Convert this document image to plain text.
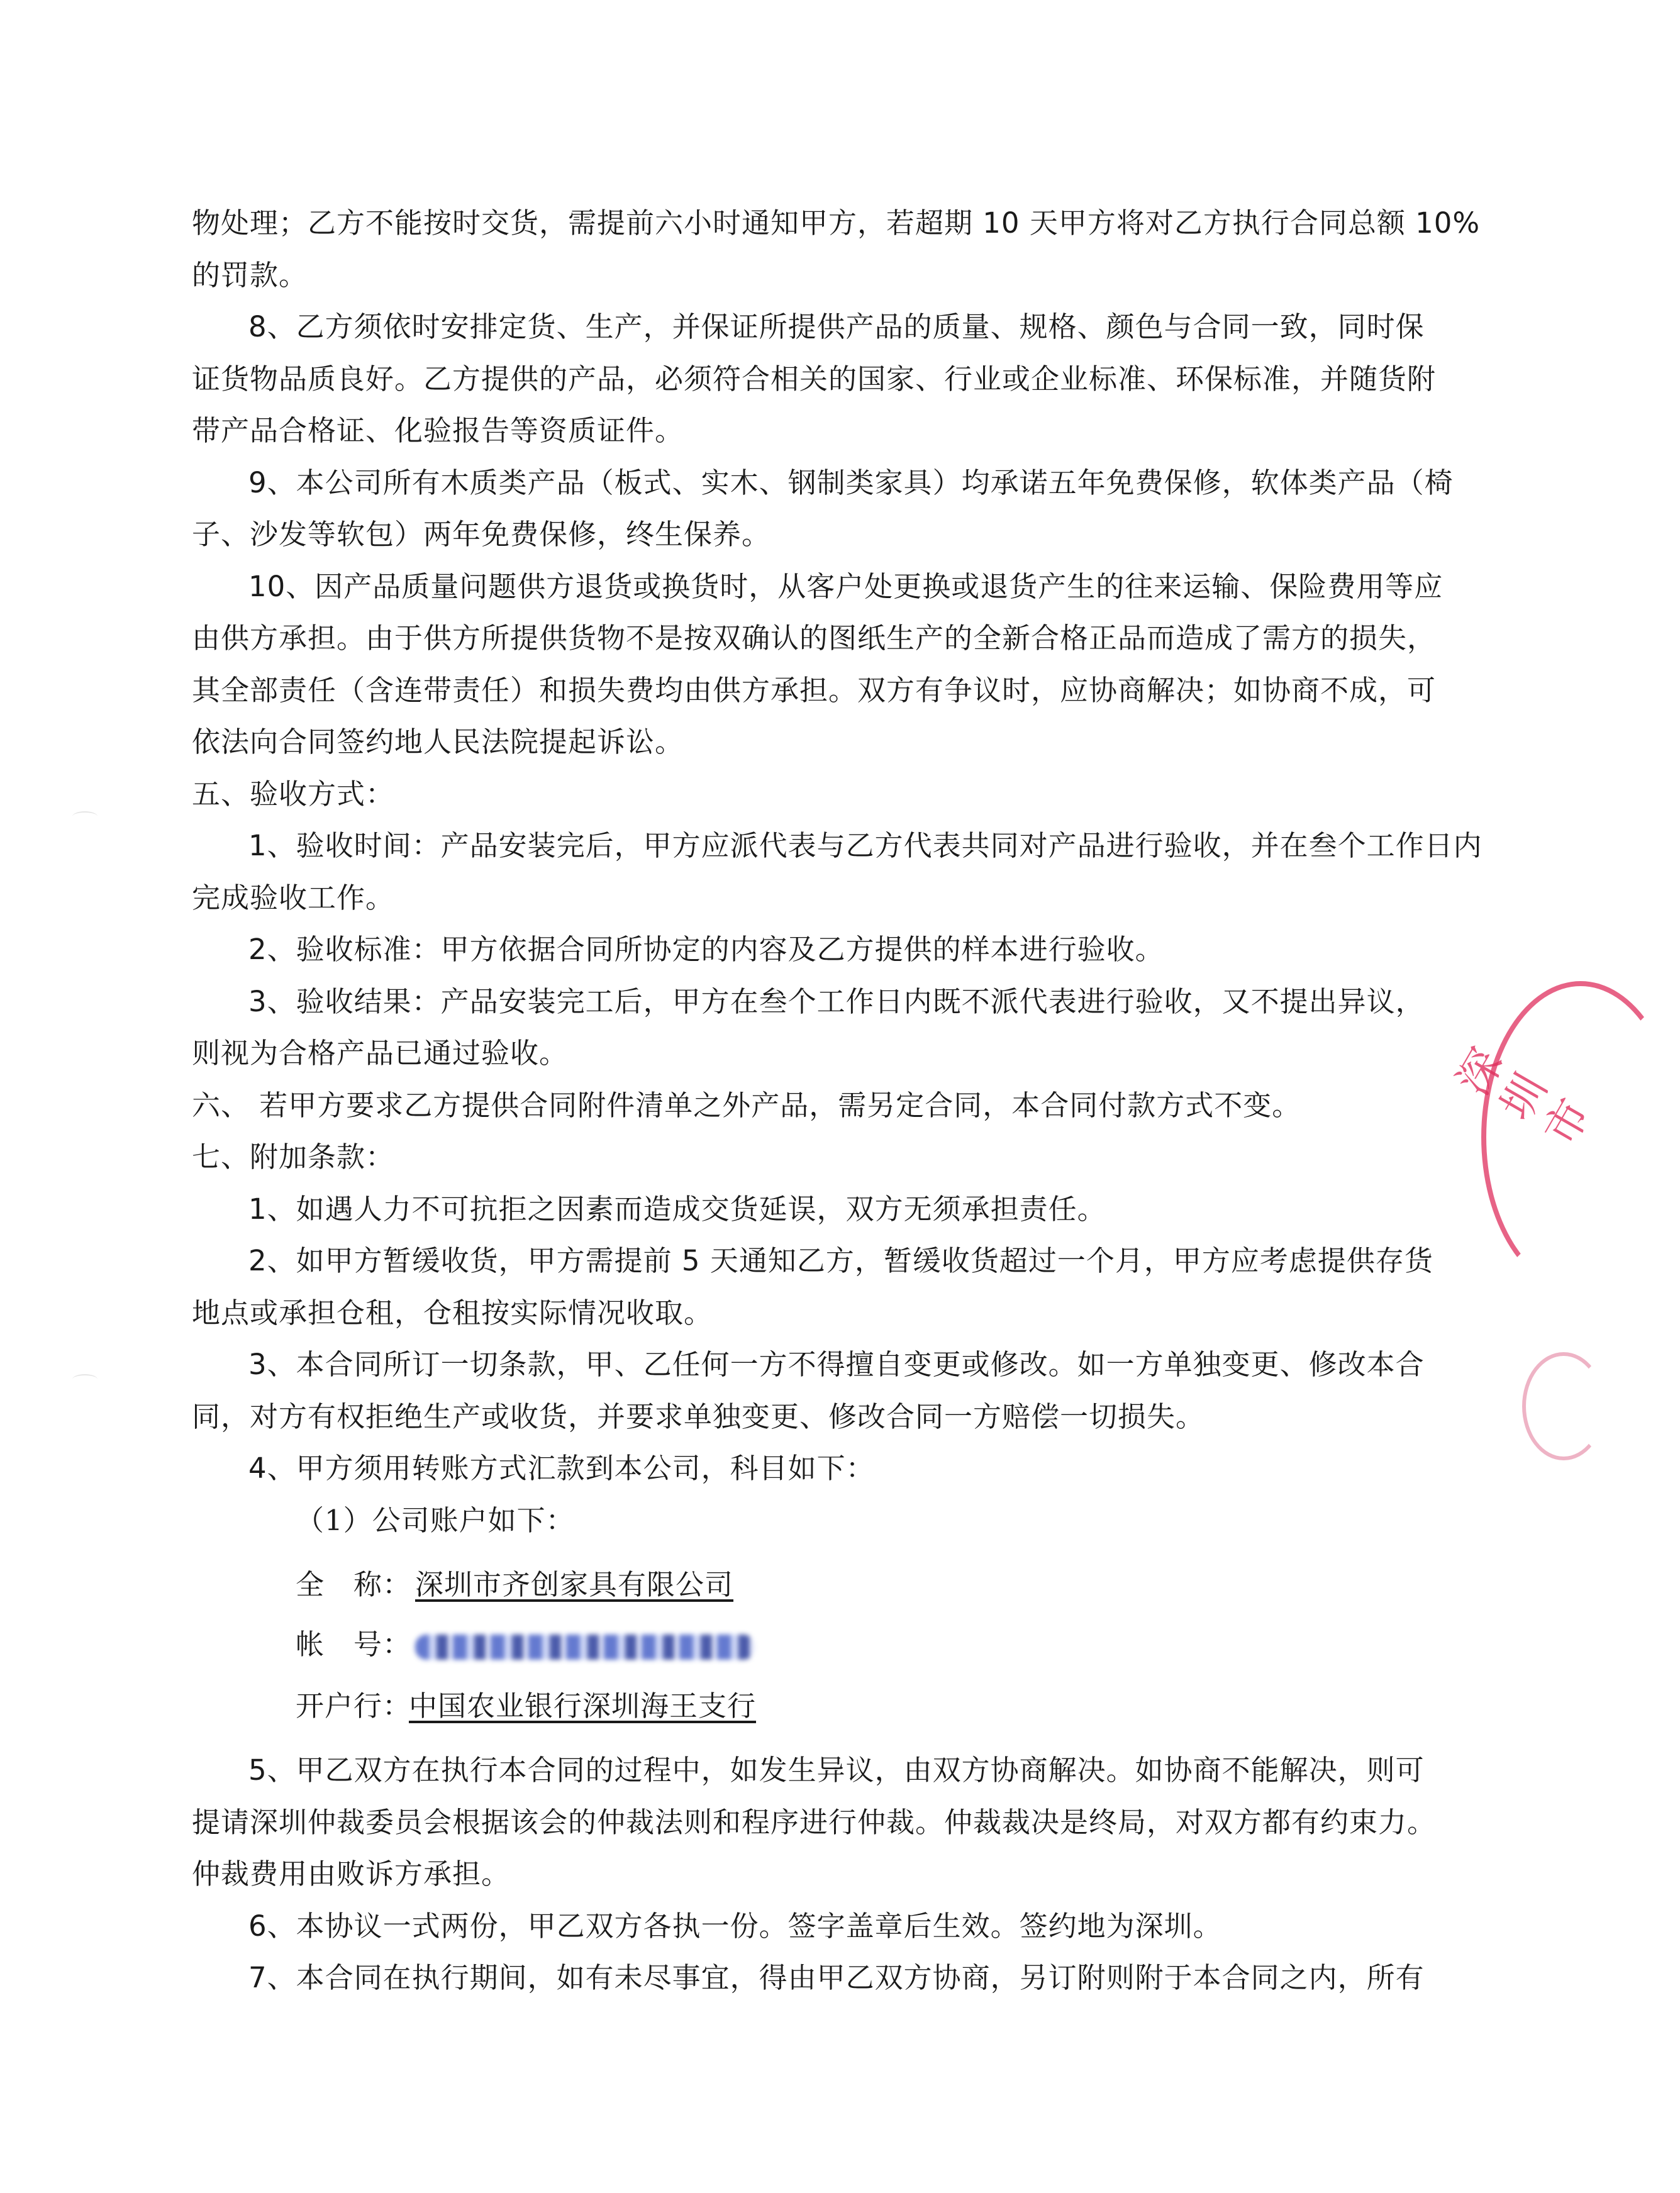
物处理；乙方不能按时交货，需提前六小时通知甲方，若超期 10 天甲方将对乙方执行合同总额 10%
的罚款。
8、乙方须依时安排定货、生产，并保证所提供产品的质量、规格、颜色与合同一致，同时保
证货物品质良好。乙方提供的产品，必须符合相关的国家、行业或企业标准、环保标准，并随货附
带产品合格证、化验报告等资质证件。
9、本公司所有木质类产品（板式、实木、钢制类家具）均承诺五年免费保修，软体类产品（椅
子、沙发等软包）两年免费保修，终生保养。
10、因产品质量问题供方退货或换货时，从客户处更换或退货产生的往来运输、保险费用等应
由供方承担。由于供方所提供货物不是按双确认的图纸生产的全新合格正品而造成了需方的损失，
其全部责任（含连带责任）和损失费均由供方承担。双方有争议时，应协商解决；如协商不成，可
依法向合同签约地人民法院提起诉讼。
五、验收方式：
1、验收时间：产品安装完后，甲方应派代表与乙方代表共同对产品进行验收，并在叁个工作日内
完成验收工作。
2、验收标准：甲方依据合同所协定的内容及乙方提供的样本进行验收。
3、验收结果：产品安装完工后，甲方在叁个工作日内既不派代表进行验收，又不提出异议，
则视为合格产品已通过验收。
六、 若甲方要求乙方提供合同附件清单之外产品，需另定合同，本合同付款方式不变。
七、附加条款：
1、如遇人力不可抗拒之因素而造成交货延误，双方无须承担责任。
2、如甲方暂缓收货，甲方需提前 5 天通知乙方，暂缓收货超过一个月，甲方应考虑提供存货
地点或承担仓租，仓租按实际情况收取。
3、本合同所订一切条款，甲、乙任何一方不得擅自变更或修改。如一方单独变更、修改本合
同，对方有权拒绝生产或收货，并要求单独变更、修改合同一方赔偿一切损失。
4、甲方须用转账方式汇款到本公司，科目如下：
（1）公司账户如下：
全　称： 深圳市齐创家具有限公司
帐　号：
开户行：中国农业银行深圳海王支行
5、甲乙双方在执行本合同的过程中，如发生异议，由双方协商解决。如协商不能解决，则可
提请深圳仲裁委员会根据该会的仲裁法则和程序进行仲裁。仲裁裁决是终局，对双方都有约束力。
仲裁费用由败诉方承担。
6、本协议一式两份，甲乙双方各执一份。签字盖章后生效。签约地为深圳。
7、本合同在执行期间，如有未尽事宜，得由甲乙双方协商，另订附则附于本合同之内，所有
深圳市
